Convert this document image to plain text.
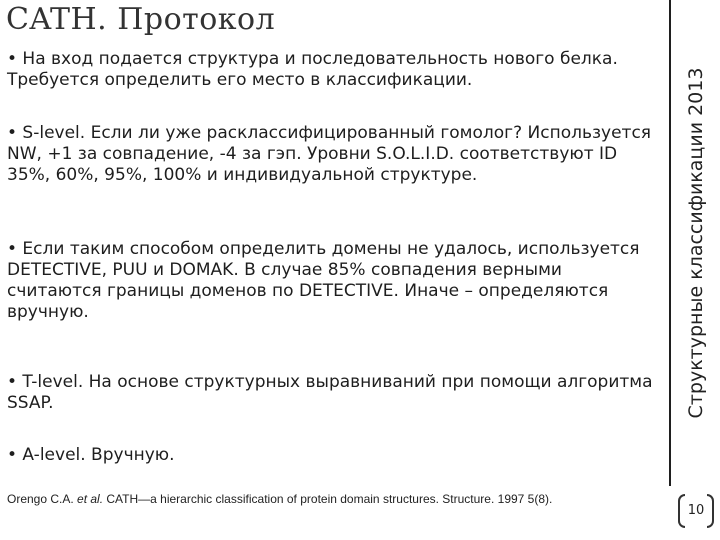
CATH. Протокол
Структурные классификации 2013
• На вход подается структура и последовательность нового белка. Требуется определить его место в классификации.
• S-level. Если ли уже расклассифицированный гомолог? Используется NW, +1 за совпадение, -4 за гэп. Уровни S.O.L.I.D. соответствуют ID 35%, 60%, 95%, 100% и индивидуальной структуре.
• Если таким способом определить домены не удалось, используется DETECTIVE, PUU и DOMAK. В случае 85% совпадения верными считаются границы доменов по DETECTIVE. Иначе – определяются вручную.
• T-level. На основе структурных выравниваний при помощи алгоритма SSAP.
• A-level. Вручную.
Orengo C.A. et al. CATH—a hierarchic classification of protein domain structures. Structure. 1997 5(8).
10
